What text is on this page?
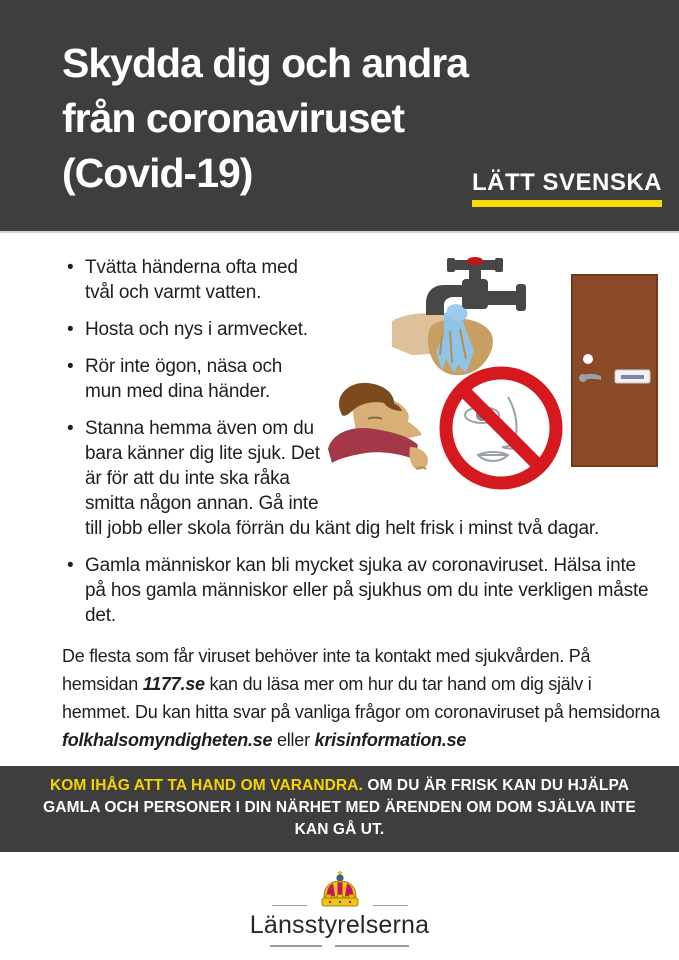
Skydda dig och andra
från coronaviruset
(Covid-19)	LÄTT SVENSKA
• Tvätta händerna ofta med tvål och varmt vatten.
• Hosta och nys i armvecket.
• Rör inte ögon, näsa och mun med dina händer.
• Stanna hemma även om du bara känner dig lite sjuk. Det är för att du inte ska råka smitta någon annan. Gå inte till jobb eller skola förrän du känt dig helt frisk i minst två dagar.
• Gamla människor kan bli mycket sjuka av coronaviruset. Hälsa inte på hos gamla människor eller på sjukhus om du inte verkligen måste det.
De flesta som får viruset behöver inte ta kontakt med sjukvården. På hemsidan 1177.se kan du läsa mer om hur du tar hand om dig själv i hemmet. Du kan hitta svar på vanliga frågor om coronaviruset på hemsidorna folkhalsomyndigheten.se eller krisinformation.se
KOM IHÅG ATT TA HAND OM VARANDRA. OM DU ÄR FRISK KAN DU HJÄLPA GAMLA OCH PERSONER I DIN NÄRHET MED ÄRENDEN OM DOM SJÄLVA INTE KAN GÅ UT.
Länsstyrelserna
